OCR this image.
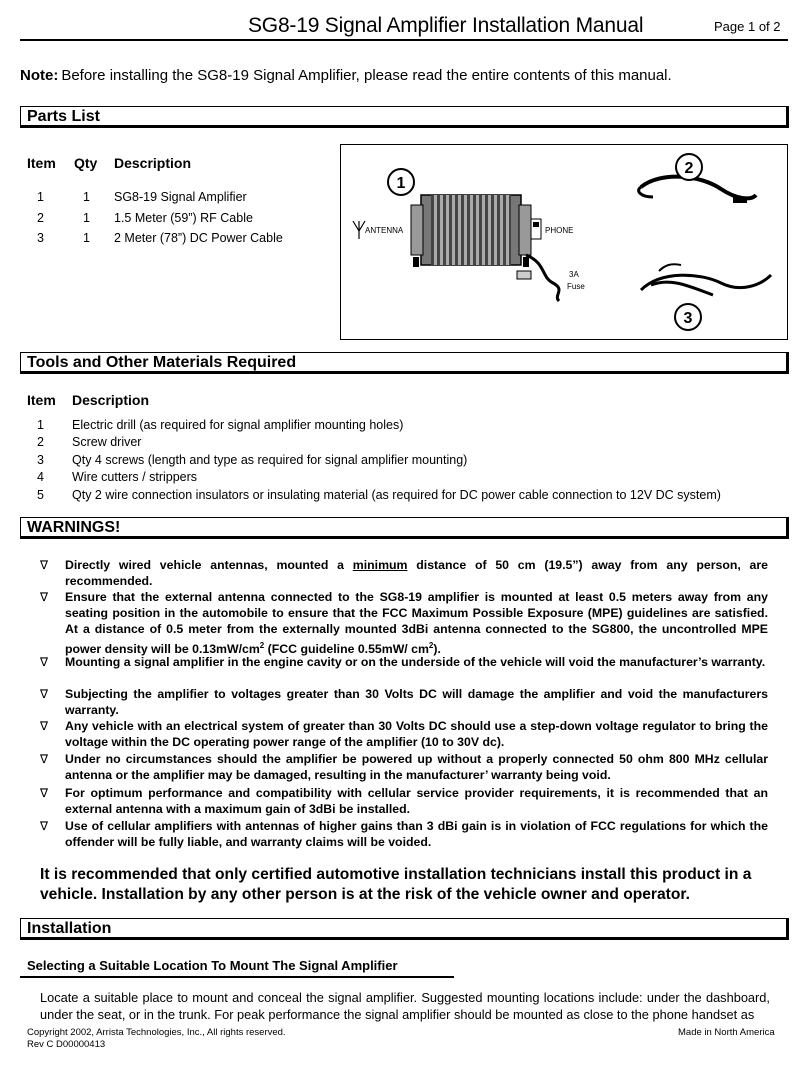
SG8-19 Signal Amplifier Installation Manual	Page 1 of 2
Note: Before installing the SG8-19 Signal Amplifier, please read the entire contents of this manual.
Parts List
Item Qty Description
1	1 SG8-19 Signal Amplifier
2	1 1.5 Meter (59”) RF Cable
3	1 2 Meter (78”) DC Power Cable
1
2
3
ANTENNA	PHONE
3A
Fuse
Tools and Other Materials Required
Item Description
1 Electric drill (as required for signal amplifier mounting holes)
2 Screw driver
3 Qty 4 screws (length and type as required for signal amplifier mounting)
4 Wire cutters / strippers
5 Qty 2 wire connection insulators or insulating material (as required for DC power cable connection to 12V DC system)
WARNINGS!
∇ Directly wired vehicle antennas, mounted a minimum distance of 50 cm (19.5”) away from any person, are recommended.
∇ Ensure that the external antenna connected to the SG8-19 amplifier is mounted at least 0.5 meters away from any seating position in the automobile to ensure that the FCC Maximum Possible Exposure (MPE) guidelines are satisfied. At a distance of 0.5 meter from the externally mounted 3dBi antenna connected to the SG800, the uncontrolled MPE power density will be $0.13mW/cm^2$ (FCC guideline 0.55mW/ $cm^2$).
∇ Mounting a signal amplifier in the engine cavity or on the underside of the vehicle will void the manufacturer’s warranty.
∇ Subjecting the amplifier to voltages greater than 30 Volts DC will damage the amplifier and void the manufacturers warranty.
∇ Any vehicle with an electrical system of greater than 30 Volts DC should use a step-down voltage regulator to bring the voltage within the DC operating power range of the amplifier (10 to 30V dc).
∇ Under no circumstances should the amplifier be powered up without a properly connected 50 ohm 800 MHz cellular antenna or the amplifier may be damaged, resulting in the manufacturer’ warranty being void.
∇ For optimum performance and compatibility with cellular service provider requirements, it is recommended that an external antenna with a maximum gain of 3dBi be installed.
∇ Use of cellular amplifiers with antennas of higher gains than 3 dBi gain is in violation of FCC regulations for which the offender will be fully liable, and warranty claims will be voided.
It is recommended that only certified automotive installation technicians install this product in a vehicle. Installation by any other person is at the risk of the vehicle owner and operator.
Installation
Selecting a Suitable Location To Mount The Signal Amplifier
Locate a suitable place to mount and conceal the signal amplifier. Suggested mounting locations include: under the dashboard, under the seat, or in the trunk. For peak performance the signal amplifier should be mounted as close to the phone handset as
Copyright 2002, Arrista Technologies, Inc., All rights reserved.
Rev C D00000413
Made in North America
